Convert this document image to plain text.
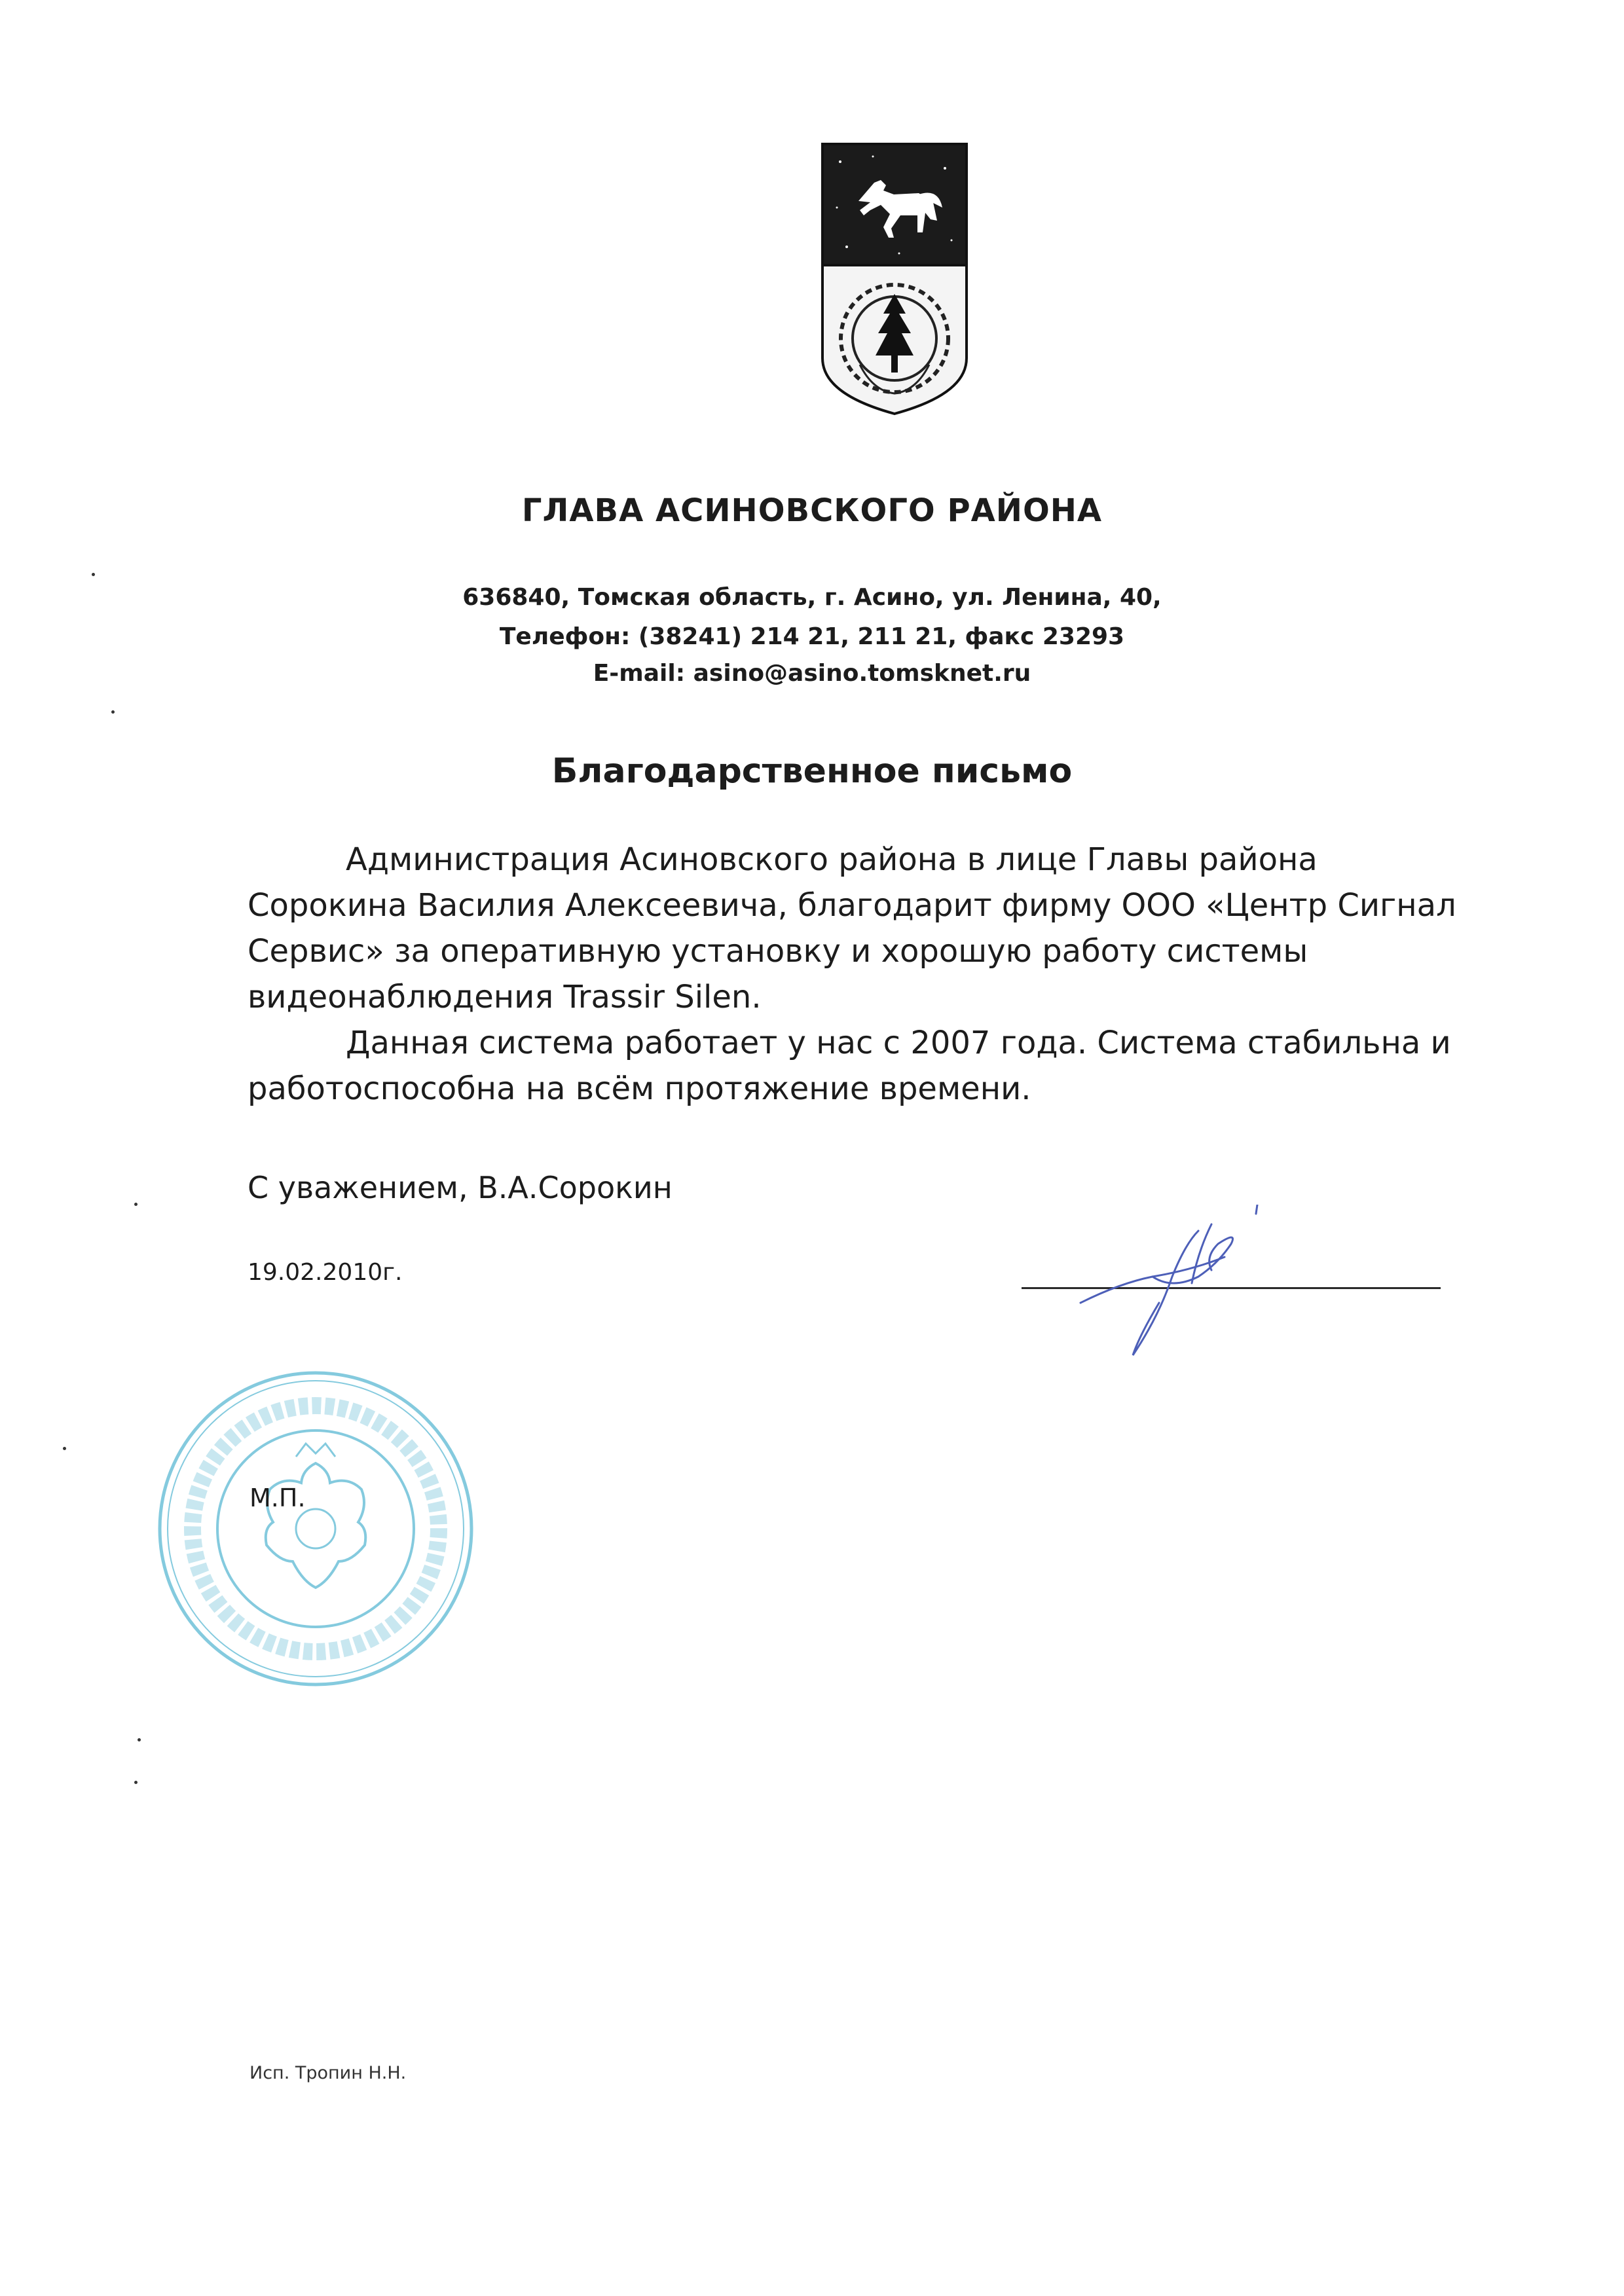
ГЛАВА АСИНОВСКОГО РАЙОНА
636840, Томская область, г. Асино, ул. Ленина, 40,
Телефон: (38241) 214 21, 211 21, факс 23293
E-mail: asino@asino.tomsknet.ru
Благодарственное письмо

Администрация Асиновского района в лице Главы района Сорокина Василия Алексеевича, благодарит фирму ООО «Центр Сигнал Сервис» за оперативную установку и хорошую работу системы видеонаблюдения Trassir Silen.

Данная система работает у нас с 2007 года. Система стабильна и работоспособна на всём протяжение времени.

С уважением, В.А.Сорокин
19.02.2010г.
М.П.
Исп. Тропин Н.Н.
